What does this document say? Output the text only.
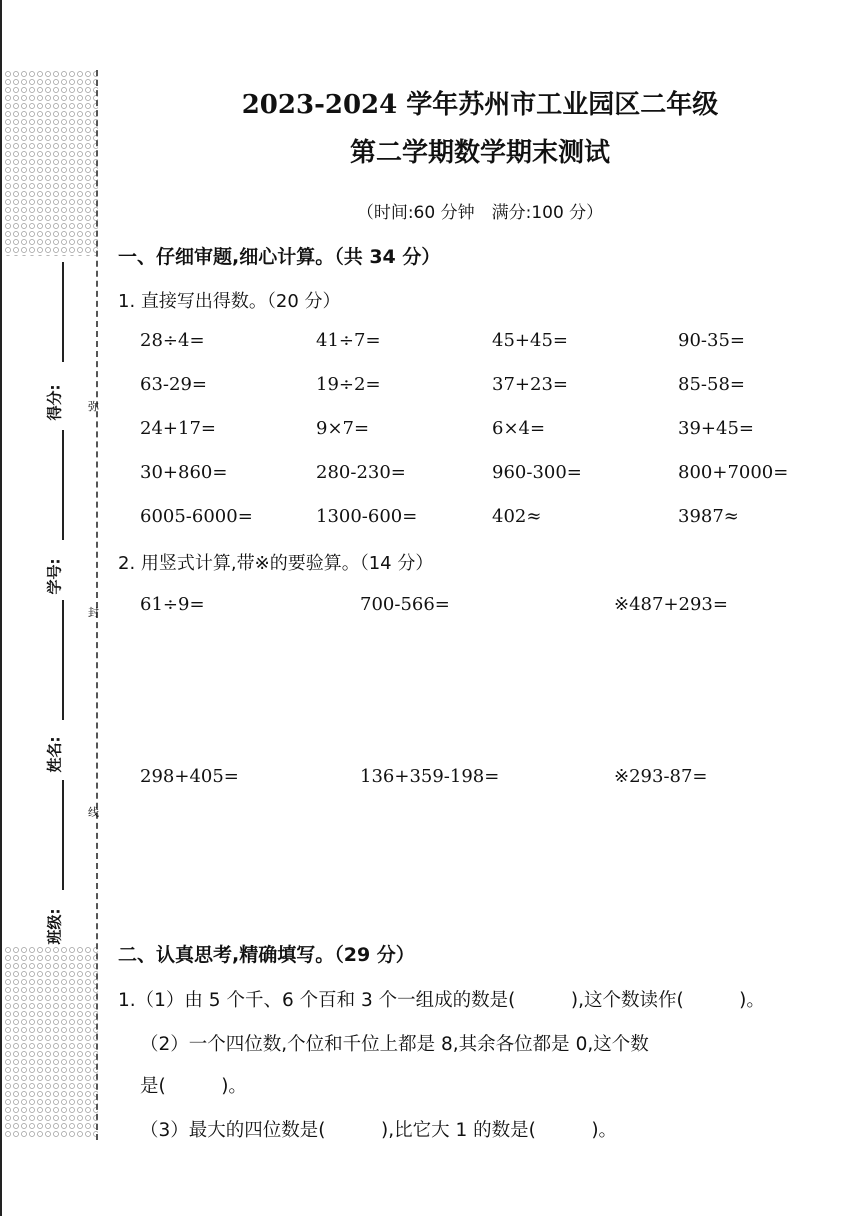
得分:
学号:
姓名:
班级:
弥
封
线
2023-2024 学年苏州市工业园区二年级
第二学期数学期末测试
（时间:60 分钟　满分:100 分）
一、仔细审题,细心计算。（共 34 分）
1. 直接写出得数。（20 分）
28÷4=	41÷7=	45+45=	90-35=
63-29=	19÷2=	37+23=	85-58=
24+17=	9×7=	6×4=	39+45=
30+860=	280-230=	960-300=	800+7000=
6005-6000=	1300-600=	402≈	3987≈
2. 用竖式计算,带※的要验算。（14 分）
61÷9=	700-566=	※487+293=
298+405=	136+359-198=	※293-87=
二、认真思考,精确填写。（29 分）
1.（1）由 5 个千、6 个百和 3 个一组成的数是(　　　),这个数读作(　　　)。
（2）一个四位数,个位和千位上都是 8,其余各位都是 0,这个数
是(　　　)。
（3）最大的四位数是(　　　),比它大 1 的数是(　　　)。
